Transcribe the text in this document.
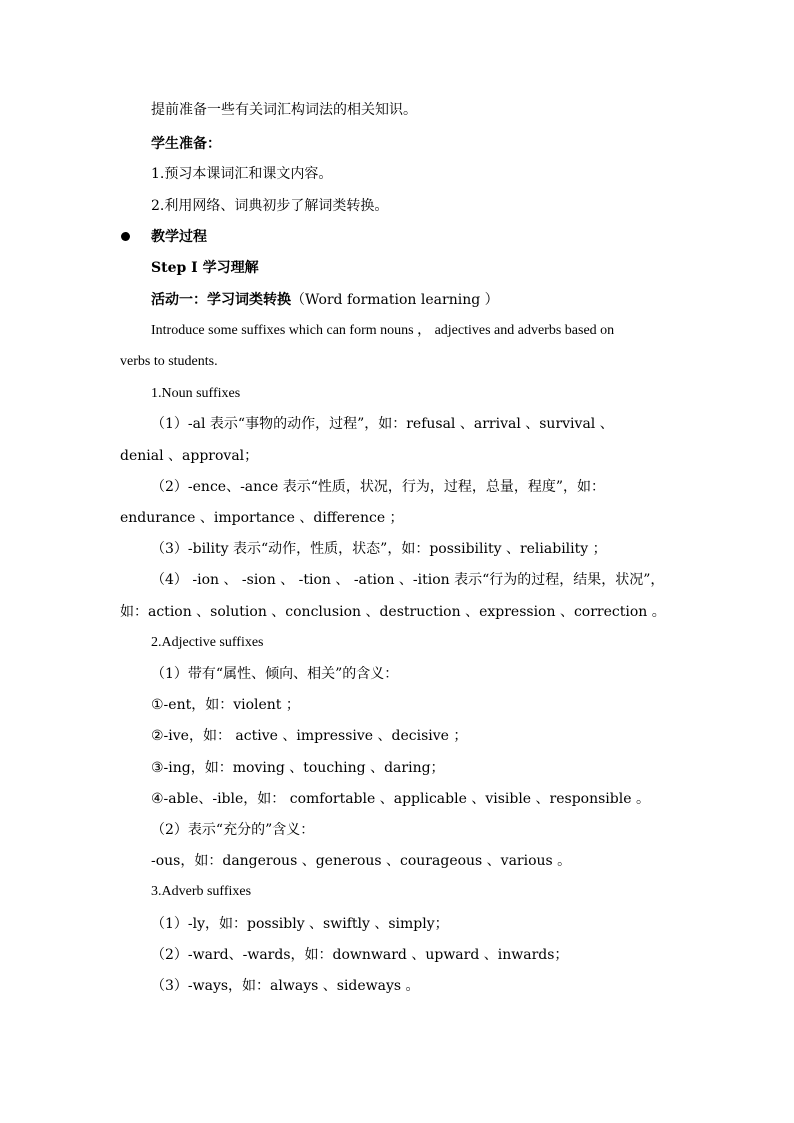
提前准备一些有关词汇构词法的相关知识。
学生准备：
1.预习本课词汇和课文内容。
2.利用网络、词典初步了解词类转换。
教学过程
Step Ⅰ 学习理解
活动一：学习词类转换（Word formation learning ）
Introduce some suffixes which can form nouns ， adjectives and adverbs based on
verbs to students.
1.Noun suffixes
（1）-al 表示“事物的动作，过程”，如：refusal 、arrival 、survival 、
denial 、approval；
（2）-ence、-ance 表示“性质，状况，行为，过程，总量，程度”，如：
endurance 、importance 、difference ；
（3）-bility 表示“动作，性质，状态”，如：possibility 、reliability ；
（4） -ion 、 -sion 、 -tion 、 -ation 、-ition 表示“行为的过程，结果，状况”，
如：action 、solution 、conclusion 、destruction 、expression 、correction 。
2.Adjective suffixes
（1）带有“属性、倾向、相关”的含义：
①-ent，如：violent ；
②-ive，如： active 、impressive 、decisive ；
③-ing，如：moving 、touching 、daring；
④-able、-ible，如： comfortable 、applicable 、visible 、responsible 。
（2）表示“充分的”含义：
-ous，如：dangerous 、generous 、courageous 、various 。
3.Adverb suffixes
（1）-ly，如：possibly 、swiftly 、simply；
（2）-ward、-wards，如：downward 、upward 、inwards；
（3）-ways，如：always 、sideways 。
